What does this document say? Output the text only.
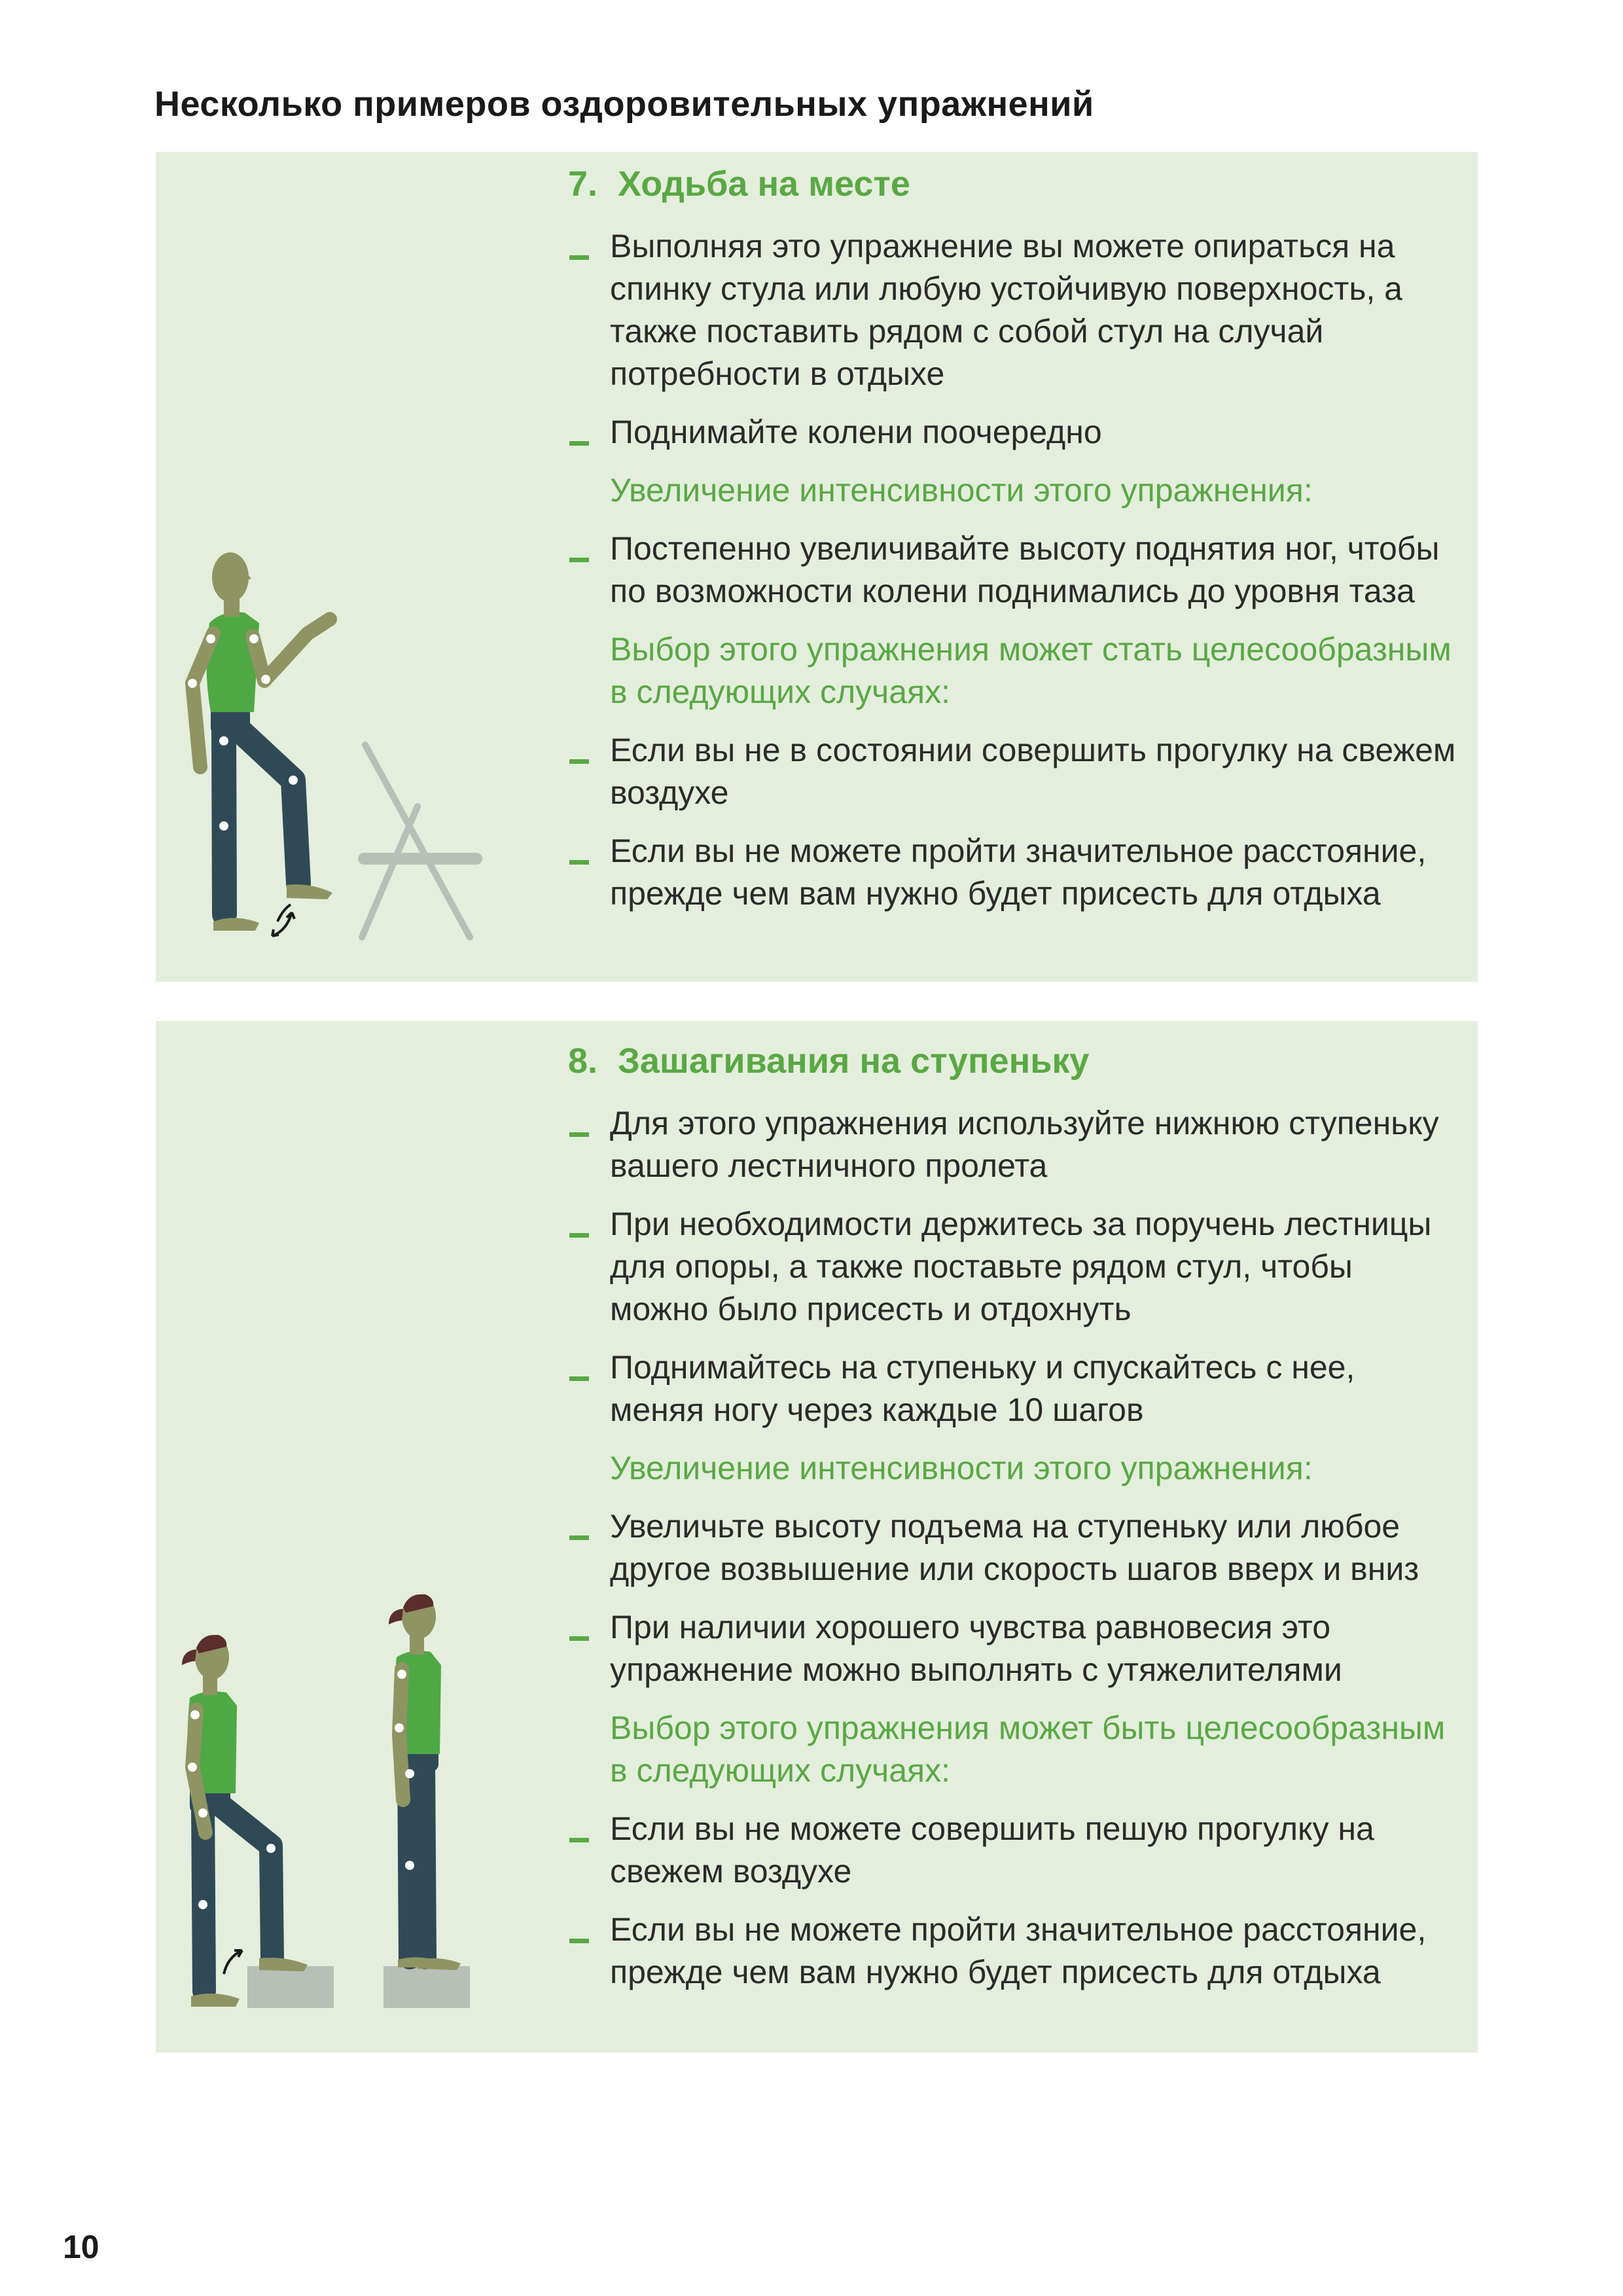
Несколько примеров оздоровительных упражнений
7. Ходьба на месте
Выполняя это упражнение вы можете опираться на спинку стула или любую устойчивую поверхность, а также поставить рядом с собой стул на случай потребности в отдыхе
Поднимайте колени поочередно

Увеличение интенсивности этого упражнения:

Постепенно увеличивайте высоту поднятия ног, чтобы по возможности колени поднимались до уровня таза

Выбор этого упражнения может стать целесообразным в следующих случаях:

Если вы не в состоянии совершить прогулку на свежем воздухе
Если вы не можете пройти значительное расстояние, прежде чем вам нужно будет присесть для отдыха
8. Зашагивания на ступеньку
Для этого упражнения используйте нижнюю ступеньку вашего лестничного пролета
При необходимости держитесь за поручень лестницы для опоры, а также поставьте рядом стул, чтобы можно было присесть и отдохнуть
Поднимайтесь на ступеньку и спускайтесь с нее, меняя ногу через каждые 10 шагов

Увеличение интенсивности этого упражнения:

Увеличьте высоту подъема на ступеньку или любое другое возвышение или скорость шагов вверх и вниз
При наличии хорошего чувства равновесия это упражнение можно выполнять с утяжелителями

Выбор этого упражнения может быть целесообразным в следующих случаях:

Если вы не можете совершить пешую прогулку на свежем воздухе
Если вы не можете пройти значительное расстояние, прежде чем вам нужно будет присесть для отдыха
10
